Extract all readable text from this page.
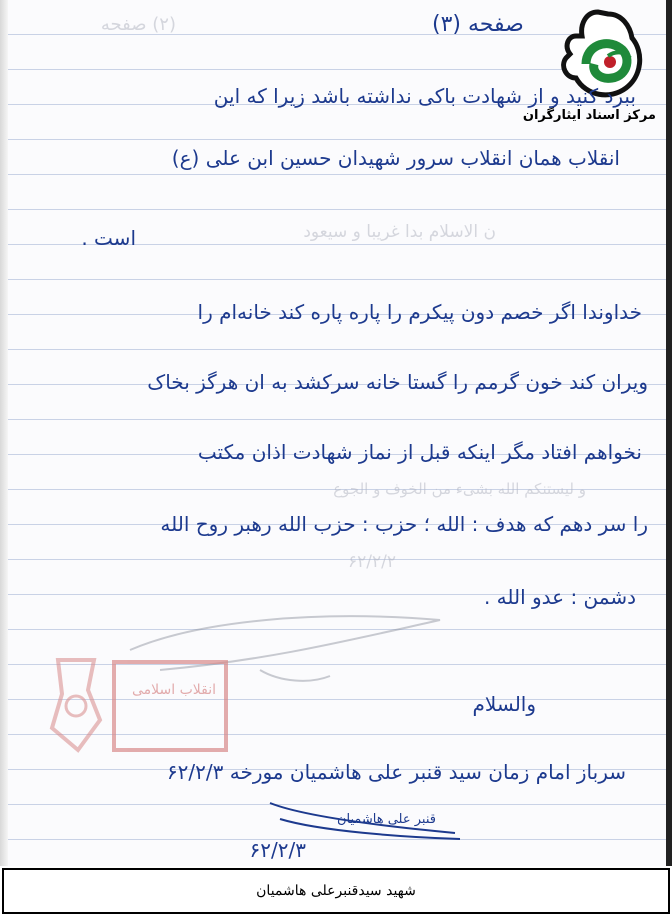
(۲) صفحه
ن الاسلام بدا غریبا و سیعود
و لیستنکم الله بشیء من الخوف و الجوع
۶۲/۲/۲
صفحه (۳)
مرکز اسناد ایثارگران
ببرد کنید و از شهادت باکی نداشته باشد زیرا که این
انقلاب همان انقلاب سرور شهیدان حسین ابن علی (ع)
است .
خداوندا اگر خصم دون پیکرم را پاره پاره کند خانه‌ام را
ویران کند خون گرمم را گستا خانه سرکشد به ان هرگز بخاک
نخواهم افتاد مگر اینکه قبل از نماز شهادت اذان مکتب
را سر دهم که هدف : الله ؛ حزب : حزب الله رهبر روح الله
دشمن : عدو الله .
انقلاب اسلامی
والسلام
سرباز امام زمان سید قنبر علی هاشمیان مورخه ۶۲/۲/۳
قنبر علی هاشمیان
۶۲/۲/۳
شهید سیدقنبرعلی هاشمیان
